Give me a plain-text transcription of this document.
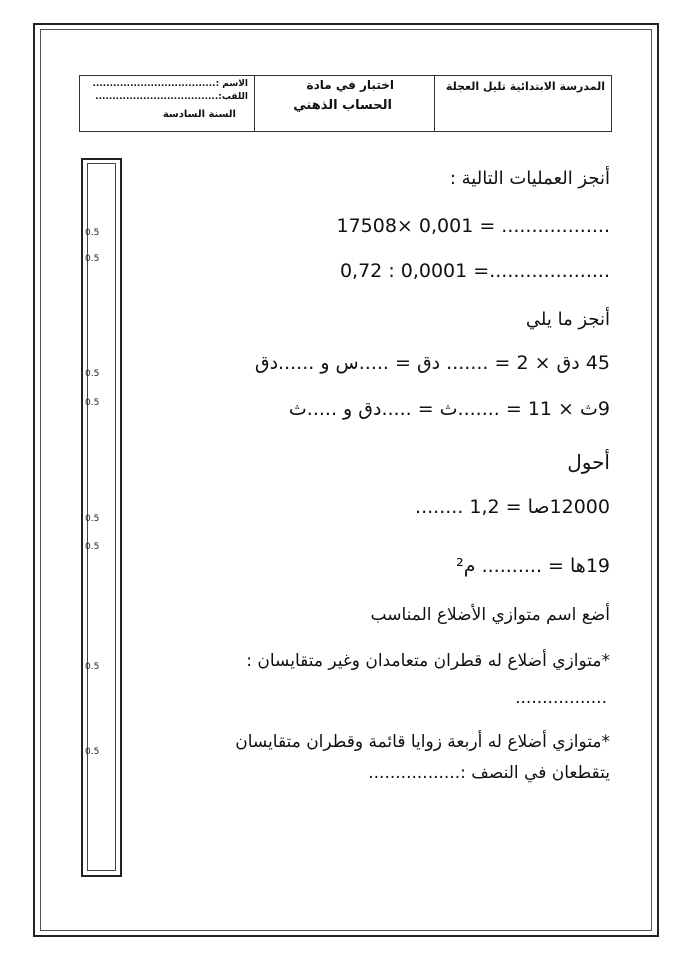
المدرسة الابتدائية تليل العجلة
اختبار في مادة
الحساب الذهني
الاسم :....................................
اللقب:....................................
السنة السادسة
0.5
0.5
0.5
0.5
0.5
0.5
0.5
0.5
أنجز العمليات التالية :
17508× 0,001 = ..................
0,72 : 0,0001 =....................
أنجز ما يلي
45 دق × 2 = ....... دق = .....س و ......دق
9ث × 11 = .......ث = .....دق و .....ث
أحول
12000صا = 1,2 ........
19ها = .......... م²
أضع اسم متوازي الأضلاع المناسب
*متوازي أضلاع له قطران متعامدان وغير متقايسان :
.................
*متوازي أضلاع له أربعة زوايا قائمة وقطران متقايسان
يتقطعان في النصف :.................
